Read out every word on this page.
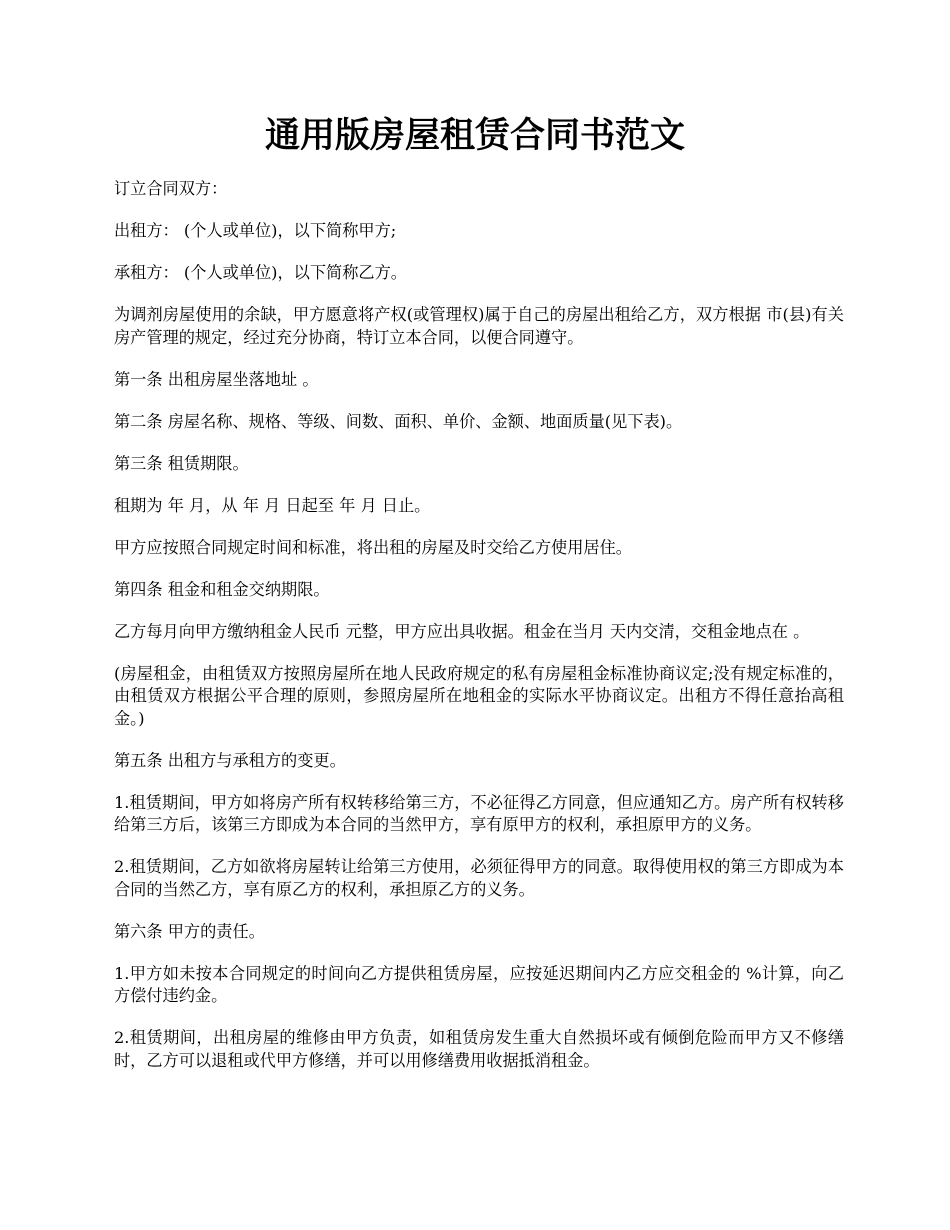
通用版房屋租赁合同书范文

订立合同双方：

出租方： (个人或单位)，以下简称甲方;

承租方： (个人或单位)，以下简称乙方。

为调剂房屋使用的余缺，甲方愿意将产权(或管理权)属于自己的房屋出租给乙方，双方根据 市(县)有关房产管理的规定，经过充分协商，特订立本合同，以便合同遵守。

第一条 出租房屋坐落地址 。

第二条 房屋名称、规格、等级、间数、面积、单价、金额、地面质量(见下表)。

第三条 租赁期限。

租期为 年 月，从 年 月 日起至 年 月 日止。

甲方应按照合同规定时间和标准，将出租的房屋及时交给乙方使用居住。

第四条 租金和租金交纳期限。

乙方每月向甲方缴纳租金人民币 元整，甲方应出具收据。租金在当月 天内交清，交租金地点在 。

(房屋租金，由租赁双方按照房屋所在地人民政府规定的私有房屋租金标准协商议定;没有规定标准的，由租赁双方根据公平合理的原则，参照房屋所在地租金的实际水平协商议定。出租方不得任意抬高租金。)

第五条 出租方与承租方的变更。

1.租赁期间，甲方如将房产所有权转移给第三方，不必征得乙方同意，但应通知乙方。房产所有权转移给第三方后，该第三方即成为本合同的当然甲方，享有原甲方的权利，承担原甲方的义务。

2.租赁期间，乙方如欲将房屋转让给第三方使用，必须征得甲方的同意。取得使用权的第三方即成为本合同的当然乙方，享有原乙方的权利，承担原乙方的义务。

第六条 甲方的责任。

1.甲方如未按本合同规定的时间向乙方提供租赁房屋，应按延迟期间内乙方应交租金的 %计算，向乙方偿付违约金。

2.租赁期间，出租房屋的维修由甲方负责，如租赁房发生重大自然损坏或有倾倒危险而甲方又不修缮时，乙方可以退租或代甲方修缮，并可以用修缮费用收据抵消租金。
